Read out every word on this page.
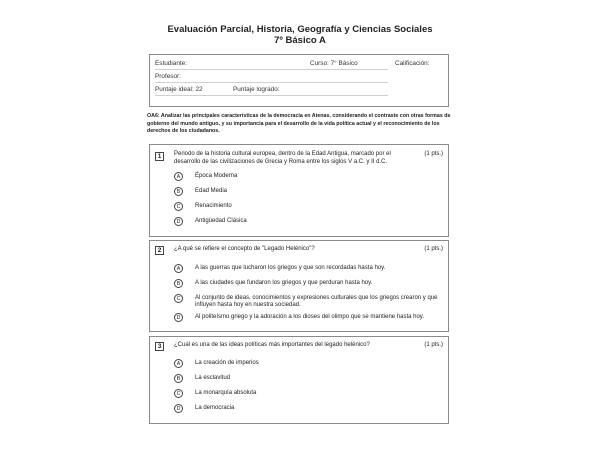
Evaluación Parcial, Historia, Geografía y Ciencias Sociales
7º Básico A
Estudiante:	Curso: 7° Básico	Calificación:
Profesor:
Puntaje ideal: 22	Puntaje logrado:
OA6: Analizar las principales características de la democracia en Atenas, considerando el contraste con otras formas de gobierno del mundo antiguo, y su importancia para el desarrollo de la vida política actual y el reconocimiento de los derechos de los ciudadanos.
1	Periodo de la historia cultural europea, dentro de la Edad Antigua, marcado por el desarrollo de las civilizaciones de Grecia y Roma entre los siglos V a.C. y II d.C.
(1 pts.)
A	Época Moderna
B	Edad Media
C	Renacimiento
D	Antigüedad Clásica
2	¿A qué se refiere el concepto de "Legado Helénico"?	(1 pts.)
A	A las guerras que lucharon los griegos y que son recordadas hasta hoy.
B	A las ciudades que fundaron los griegos y que perduran hasta hoy.
C	Al conjunto de ideas, conocimientos y expresiones culturales que los griegos crearon y que influyen hasta hoy en nuestra sociedad.
D	Al politeísmo griego y la adoración a los dioses del olimpo que se mantiene hasta hoy.
3	¿Cuál es una de las ideas políticas más importantes del legado helénico?	(1 pts.)
A	La creación de imperios
B	La esclavitud
C	La monarquía absoluta
D	La democracia
